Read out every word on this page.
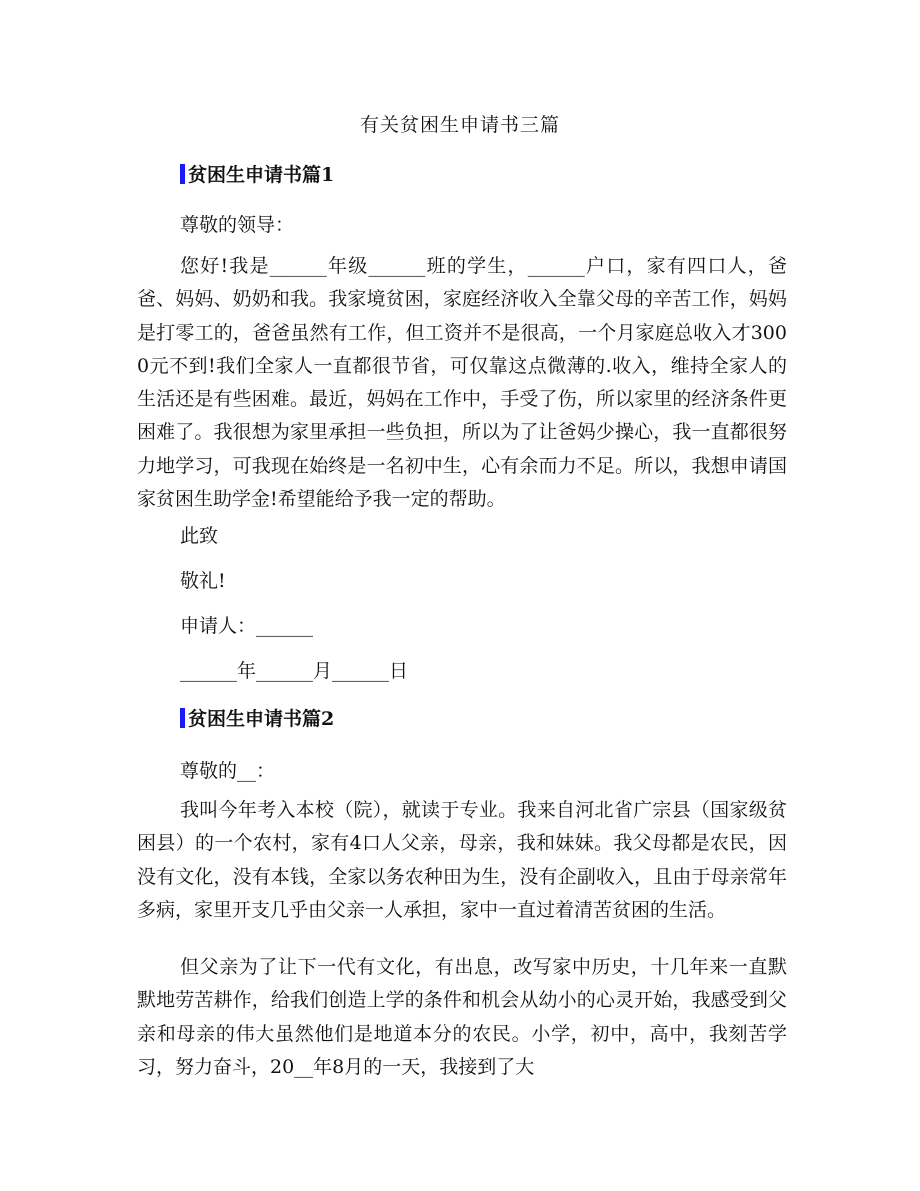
有关贫困生申请书三篇
贫困生申请书篇1
尊敬的领导：

您好!我是______年级______班的学生，______户口，家有四口人，爸爸、妈妈、奶奶和我。我家境贫困，家庭经济收入全靠父母的辛苦工作，妈妈是打零工的，爸爸虽然有工作，但工资并不是很高，一个月家庭总收入才3000元不到!我们全家人一直都很节省，可仅靠这点微薄的.收入，维持全家人的生活还是有些困难。最近，妈妈在工作中，手受了伤，所以家里的经济条件更困难了。我很想为家里承担一些负担，所以为了让爸妈少操心，我一直都很努力地学习，可我现在始终是一名初中生，心有余而力不足。所以，我想申请国家贫困生助学金!希望能给予我一定的帮助。

此致
敬礼!
申请人：______
______年______月______日
贫困生申请书篇2
尊敬的__：

我叫今年考入本校（院），就读于专业。我来自河北省广宗县（国家级贫困县）的一个农村，家有4口人父亲，母亲，我和妹妹。我父母都是农民，因没有文化，没有本钱，全家以务农种田为生，没有企副收入，且由于母亲常年多病，家里开支几乎由父亲一人承担，家中一直过着清苦贫困的生活。

但父亲为了让下一代有文化，有出息，改写家中历史，十几年来一直默默地劳苦耕作，给我们创造上学的条件和机会从幼小的心灵开始，我感受到父亲和母亲的伟大虽然他们是地道本分的农民。小学，初中，高中，我刻苦学习，努力奋斗，20__年8月的一天，我接到了大
